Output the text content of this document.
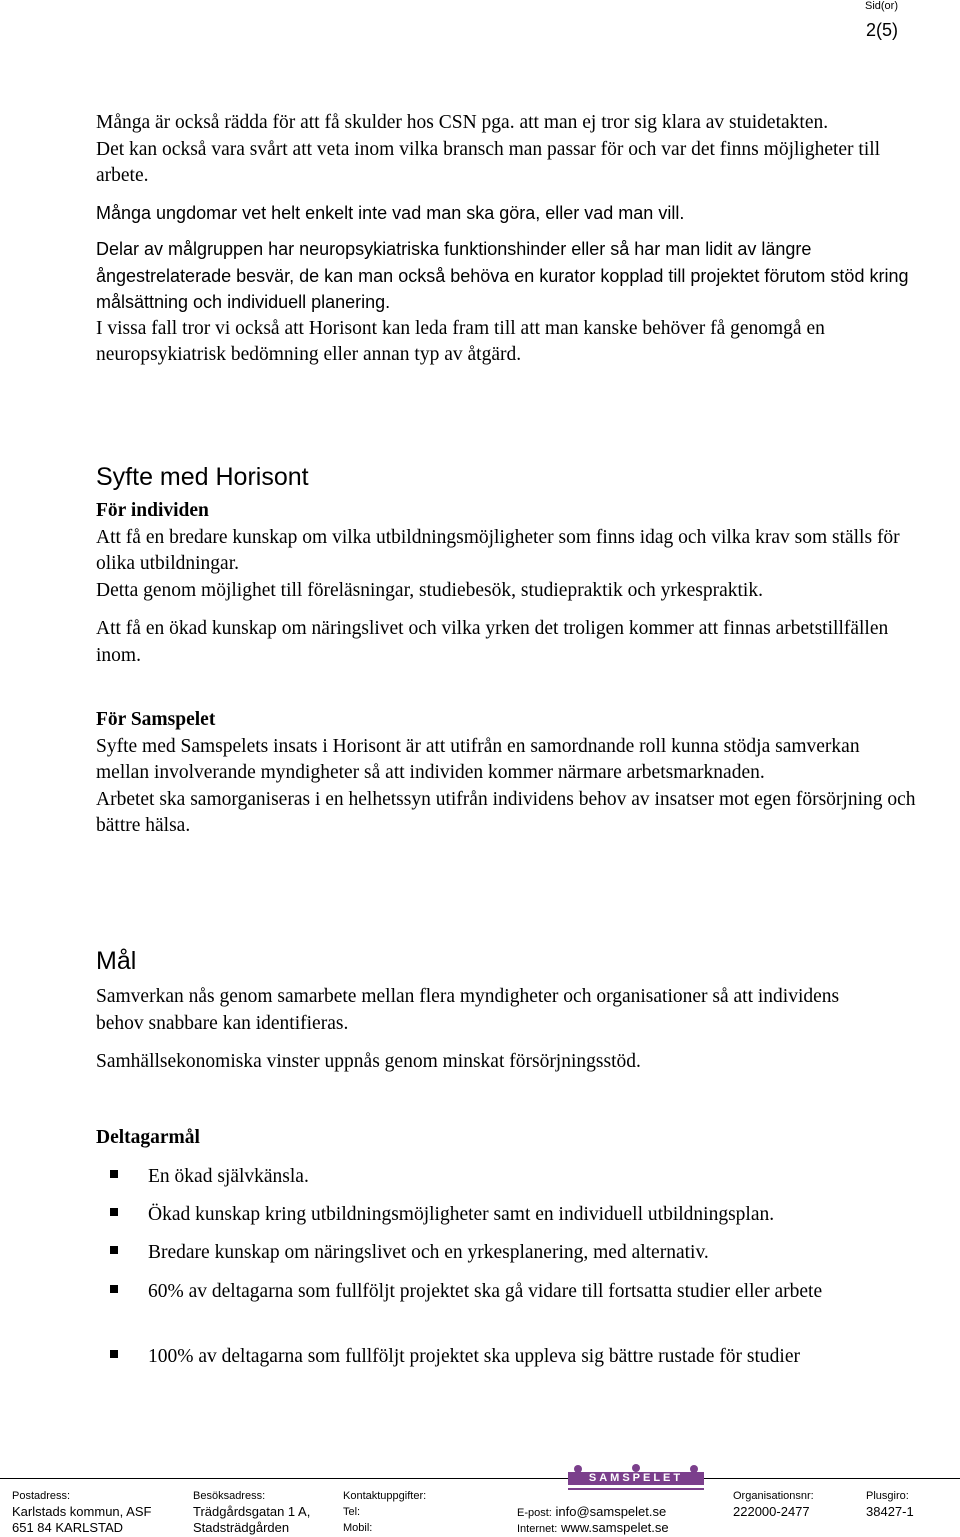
Sid(or)
2(5)

Många är också rädda för att få skulder hos CSN pga. att man ej tror sig klara av stuidetakten.

Det kan också vara svårt att veta inom vilka bransch man passar för och var det finns möjligheter till arbete.

Många ungdomar vet helt enkelt inte vad man ska göra, eller vad man vill.

Delar av målgruppen har neuropsykiatriska funktionshinder eller så har man lidit av längre ångestrelaterade besvär, de kan man också behöva en kurator kopplad till projektet förutom stöd kring målsättning och individuell planering.

I vissa fall tror vi också att Horisont kan leda fram till att man kanske behöver få genomgå en neuropsykiatrisk bedömning eller annan typ av åtgärd.

Syfte med Horisont

För individen

Att få en bredare kunskap om vilka utbildningsmöjligheter som finns idag och vilka krav som ställs för olika utbildningar.

Detta genom möjlighet till föreläsningar, studiebesök, studiepraktik och yrkespraktik.

Att få en ökad kunskap om näringslivet och vilka yrken det troligen kommer att finnas arbetstillfällen inom.

För Samspelet

Syfte med Samspelets insats i Horisont är att utifrån en samordnande roll kunna stödja samverkan mellan involverande myndigheter så att individen kommer närmare arbetsmarknaden.

Arbetet ska samorganiseras i en helhetssyn utifrån individens behov av insatser mot egen försörjning och bättre hälsa.

Mål

Samverkan nås genom samarbete mellan flera myndigheter och organisationer så att individens behov snabbare kan identifieras.

Samhällsekonomiska vinster uppnås genom minskat försörjningsstöd.

Deltagarmål

En ökad självkänsla.
Ökad kunskap kring utbildningsmöjligheter samt en individuell utbildningsplan.
Bredare kunskap om näringslivet och en yrkesplanering, med alternativ.
60% av deltagarna som fullföljt projektet ska gå vidare till fortsatta studier eller arbete
100% av deltagarna som fullföljt projektet ska uppleva sig bättre rustade för studier
Postadress:
Karlstads kommun, ASF
651 84 KARLSTAD
Besöksadress:
Trädgårdsgatan 1 A,
Stadsträdgården
Kontaktuppgifter:
Tel:
Mobil:
SAMSPELET
E-post: info@samspelet.se
Internet: www.samspelet.se
Organisationsnr:
222000-2477
Plusgiro:
38427-1
